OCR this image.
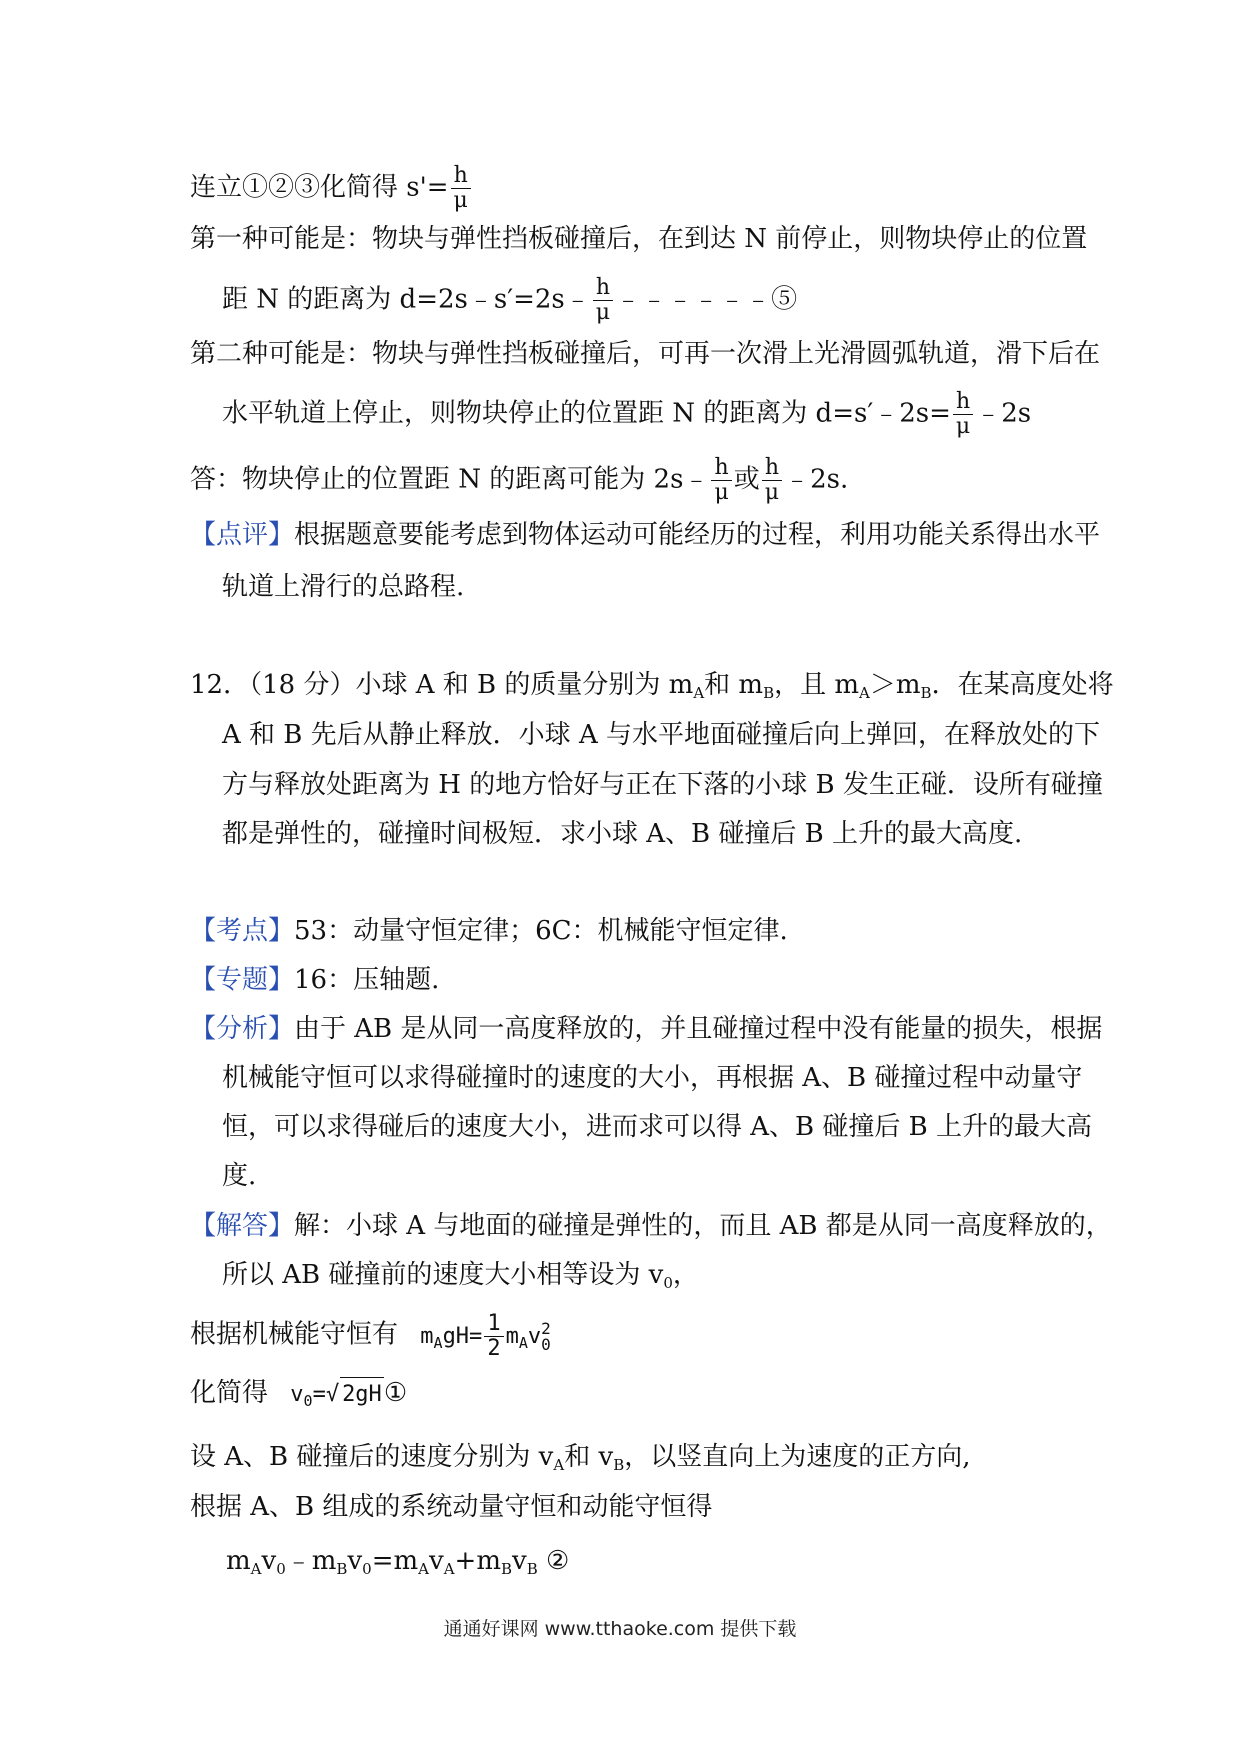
连立①②③化简得 $s'= \frac{h}{\mu}$
第一种可能是：物块与弹性挡板碰撞后，在到达 N 前停止，则物块停止的位置
距 N 的距离为 d=2s﹣s′=2s﹣ $\frac{h}{\mu}$ ﹣﹣﹣﹣﹣﹣⑤
第二种可能是：物块与弹性挡板碰撞后，可再一次滑上光滑圆弧轨道，滑下后在
水平轨道上停止，则物块停止的位置距 N 的距离为 d=s′﹣2s= $\frac{h}{\mu}$ ﹣2s
答：物块停止的位置距 N 的距离可能为 2s﹣ $\frac{h}{\mu}$ 或 $\frac{h}{\mu}$ ﹣2s.
【点评】根据题意要能考虑到物体运动可能经历的过程，利用功能关系得出水平
轨道上滑行的总路程.
12．（18 分）小球 A 和 B 的质量分别为 $m_A$和 $m_B$，且 $m_A>m_B$．在某高度处将
A 和 B 先后从静止释放．小球 A 与水平地面碰撞后向上弹回，在释放处的下
方与释放处距离为 H 的地方恰好与正在下落的小球 B 发生正碰．设所有碰撞
都是弹性的，碰撞时间极短．求小球 A、B 碰撞后 B 上升的最大高度.
【考点】53：动量守恒定律；6C：机械能守恒定律.
【专题】16：压轴题.
【分析】由于 AB 是从同一高度释放的，并且碰撞过程中没有能量的损失，根据
机械能守恒可以求得碰撞时的速度的大小，再根据 A、B 碰撞过程中动量守
恒，可以求得碰后的速度大小，进而求可以得 A、B 碰撞后 B 上升的最大高
度.
【解答】解：小球 A 与地面的碰撞是弹性的，而且 AB 都是从同一高度释放的，
所以 AB 碰撞前的速度大小相等设为 $v_0$，
根据机械能守恒有 $m_AgH= \frac{1}{2} m_Av$ 2
0
化简得 $v_0=√$ 2gH①
设 A、B 碰撞后的速度分别为 $v_A$和 $v_B$，以竖直向上为速度的正方向,
根据 A、B 组成的系统动量守恒和动能守恒得
$m_Av_0﹣m_Bv_0=m_Av_A+m_Bv_B$ ②
通通好课网 www.tthaoke.com 提供下载
